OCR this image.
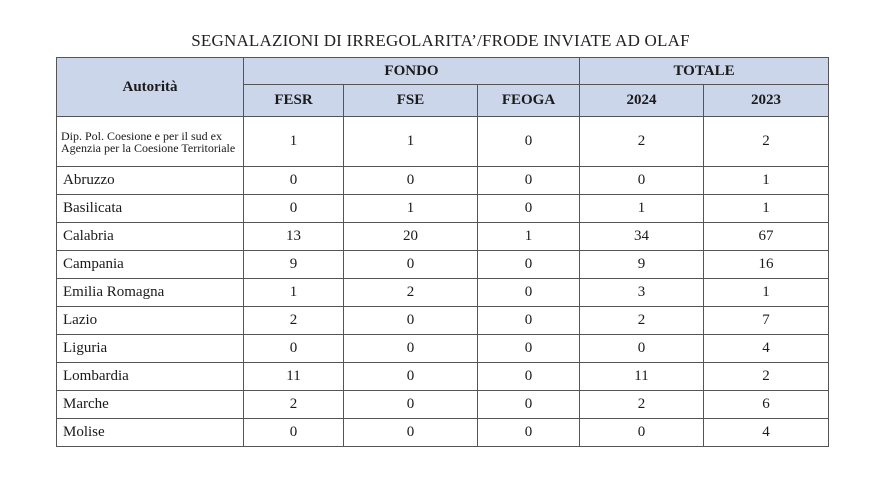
SEGNALAZIONI DI IRREGOLARITA’/FRODE INVIATE AD OLAF
Autorità	FONDO			TOTALE	
	FESR	FSE	FEOGA	2024	2023
Dip. Pol. Coesione e per il sud ex Agenzia per la Coesione Territoriale	1	1	0	2	2
Abruzzo	0	0	0	0	1
Basilicata	0	1	0	1	1
Calabria	13	20	1	34	67
Campania	9	0	0	9	16
Emilia Romagna	1	2	0	3	1
Lazio	2	0	0	2	7
Liguria	0	0	0	0	4
Lombardia	11	0	0	11	2
Marche	2	0	0	2	6
Molise	0	0	0	0	4
